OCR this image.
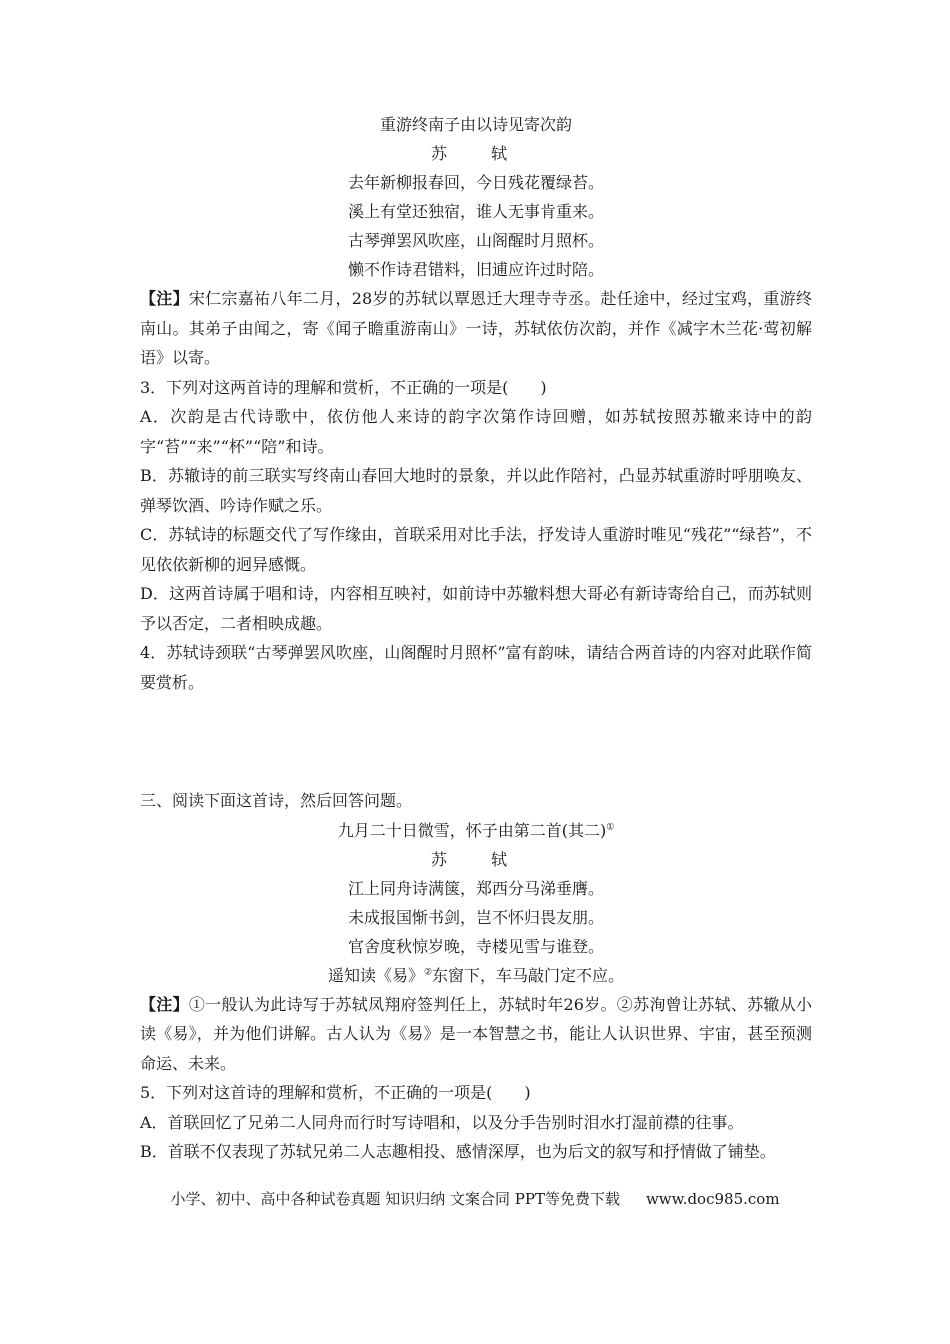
重游终南子由以诗见寄次韵
苏　轼
去年新柳报春回，今日残花覆绿苔。
溪上有堂还独宿，谁人无事肯重来。
古琴弹罢风吹座，山阁醒时月照杯。
懒不作诗君错料，旧逋应许过时陪。

【注】宋仁宗嘉祐八年二月，28岁的苏轼以覃恩迁大理寺寺丞。赴任途中，经过宝鸡，重游终南山。其弟子由闻之，寄《闻子瞻重游南山》一诗，苏轼依仿次韵，并作《减字木兰花·莺初解语》以寄。

3．下列对这两首诗的理解和赏析，不正确的一项是(　　)

A．次韵是古代诗歌中，依仿他人来诗的韵字次第作诗回赠，如苏轼按照苏辙来诗中的韵字“苔”“来”“杯”“陪”和诗。

B．苏辙诗的前三联实写终南山春回大地时的景象，并以此作陪衬，凸显苏轼重游时呼朋唤友、弹琴饮酒、吟诗作赋之乐。

C．苏轼诗的标题交代了写作缘由，首联采用对比手法，抒发诗人重游时唯见“残花”“绿苔”，不见依依新柳的迥异感慨。

D．这两首诗属于唱和诗，内容相互映衬，如前诗中苏辙料想大哥必有新诗寄给自己，而苏轼则予以否定，二者相映成趣。

4．苏轼诗颈联“古琴弹罢风吹座，山阁醒时月照杯”富有韵味，请结合两首诗的内容对此联作简要赏析。

三、阅读下面这首诗，然后回答问题。

九月二十日微雪，怀子由第二首(其二)①
苏　轼
江上同舟诗满箧，郑西分马涕垂膺。
未成报国惭书剑，岂不怀归畏友朋。
官舍度秋惊岁晚，寺楼见雪与谁登。
遥知读《易》②东窗下，车马敲门定不应。

【注】①一般认为此诗写于苏轼凤翔府签判任上，苏轼时年26岁。②苏洵曾让苏轼、苏辙从小读《易》，并为他们讲解。古人认为《易》是一本智慧之书，能让人认识世界、宇宙，甚至预测命运、未来。

5．下列对这首诗的理解和赏析，不正确的一项是(　　)

A．首联回忆了兄弟二人同舟而行时写诗唱和，以及分手告别时泪水打湿前襟的往事。

B．首联不仅表现了苏轼兄弟二人志趣相投、感情深厚，也为后文的叙写和抒情做了铺垫。

小学、初中、高中各种试卷真题 知识归纳 文案合同 PPT等免费下载 www.doc985.com
